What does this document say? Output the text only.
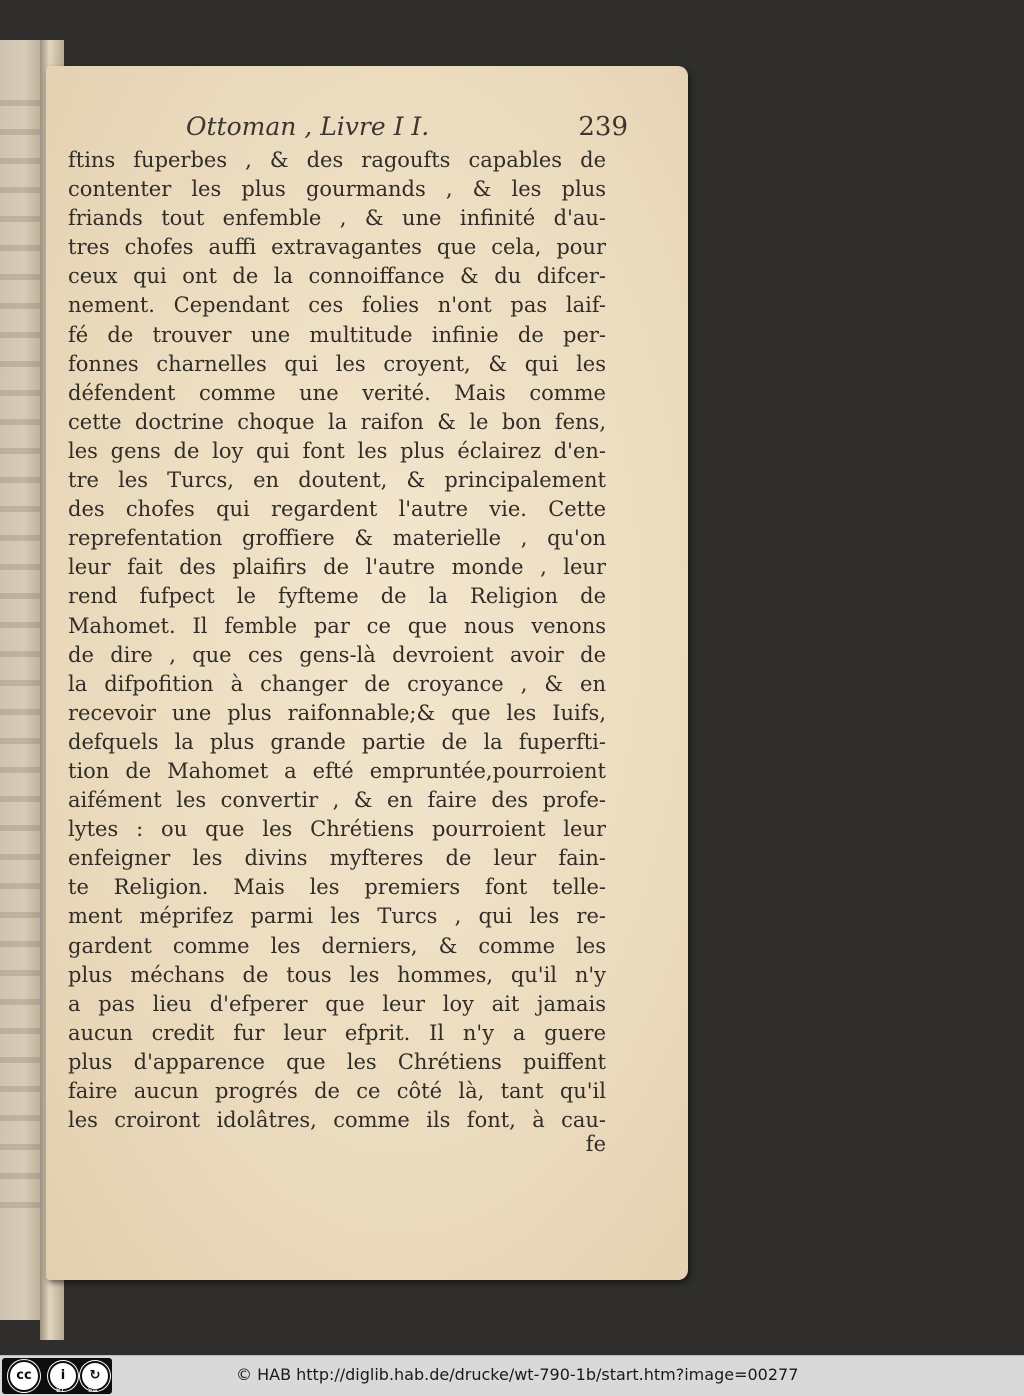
Ottoman , Livre I I.	239
ftins fuperbes , & des ragoufts capables de
contenter les plus gourmands , & les plus
friands tout enfemble , & une infinité d'au-
tres chofes auffi extravagantes que cela, pour
ceux qui ont de la connoiffance & du difcer-
nement. Cependant ces folies n'ont pas laif-
fé de trouver une multitude infinie de per-
fonnes charnelles qui les croyent, & qui les
défendent comme une verité. Mais comme
cette doctrine choque la raifon & le bon fens,
les gens de loy qui font les plus éclairez d'en-
tre les Turcs, en doutent, & principalement
des chofes qui regardent l'autre vie. Cette
reprefentation groffiere & materielle , qu'on
leur fait des plaifirs de l'autre monde , leur
rend fufpect le fyfteme de la Religion de
Mahomet. Il femble par ce que nous venons
de dire , que ces gens-là devroient avoir de
la difpofition à changer de croyance , & en
recevoir une plus raifonnable;& que les Iuifs,
defquels la plus grande partie de la fuperfti-
tion de Mahomet a efté empruntée,pourroient
aifément les convertir , & en faire des profe-
lytes : ou que les Chrétiens pourroient leur
enfeigner les divins myfteres de leur fain-
te Religion. Mais les premiers font telle-
ment méprifez parmi les Turcs , qui les re-
gardent comme les derniers, & comme les
plus méchans de tous les hommes, qu'il n'y
a pas lieu d'efperer que leur loy ait jamais
aucun credit fur leur efprit. Il n'y a guere
plus d'apparence que les Chrétiens puiffent
faire aucun progrés de ce côté là, tant qu'il
les croiront idolâtres, comme ils font, à cau-
fe
cc	i	↻
BY	SA
© HAB http://diglib.hab.de/drucke/wt-790-1b/start.htm?image=00277
